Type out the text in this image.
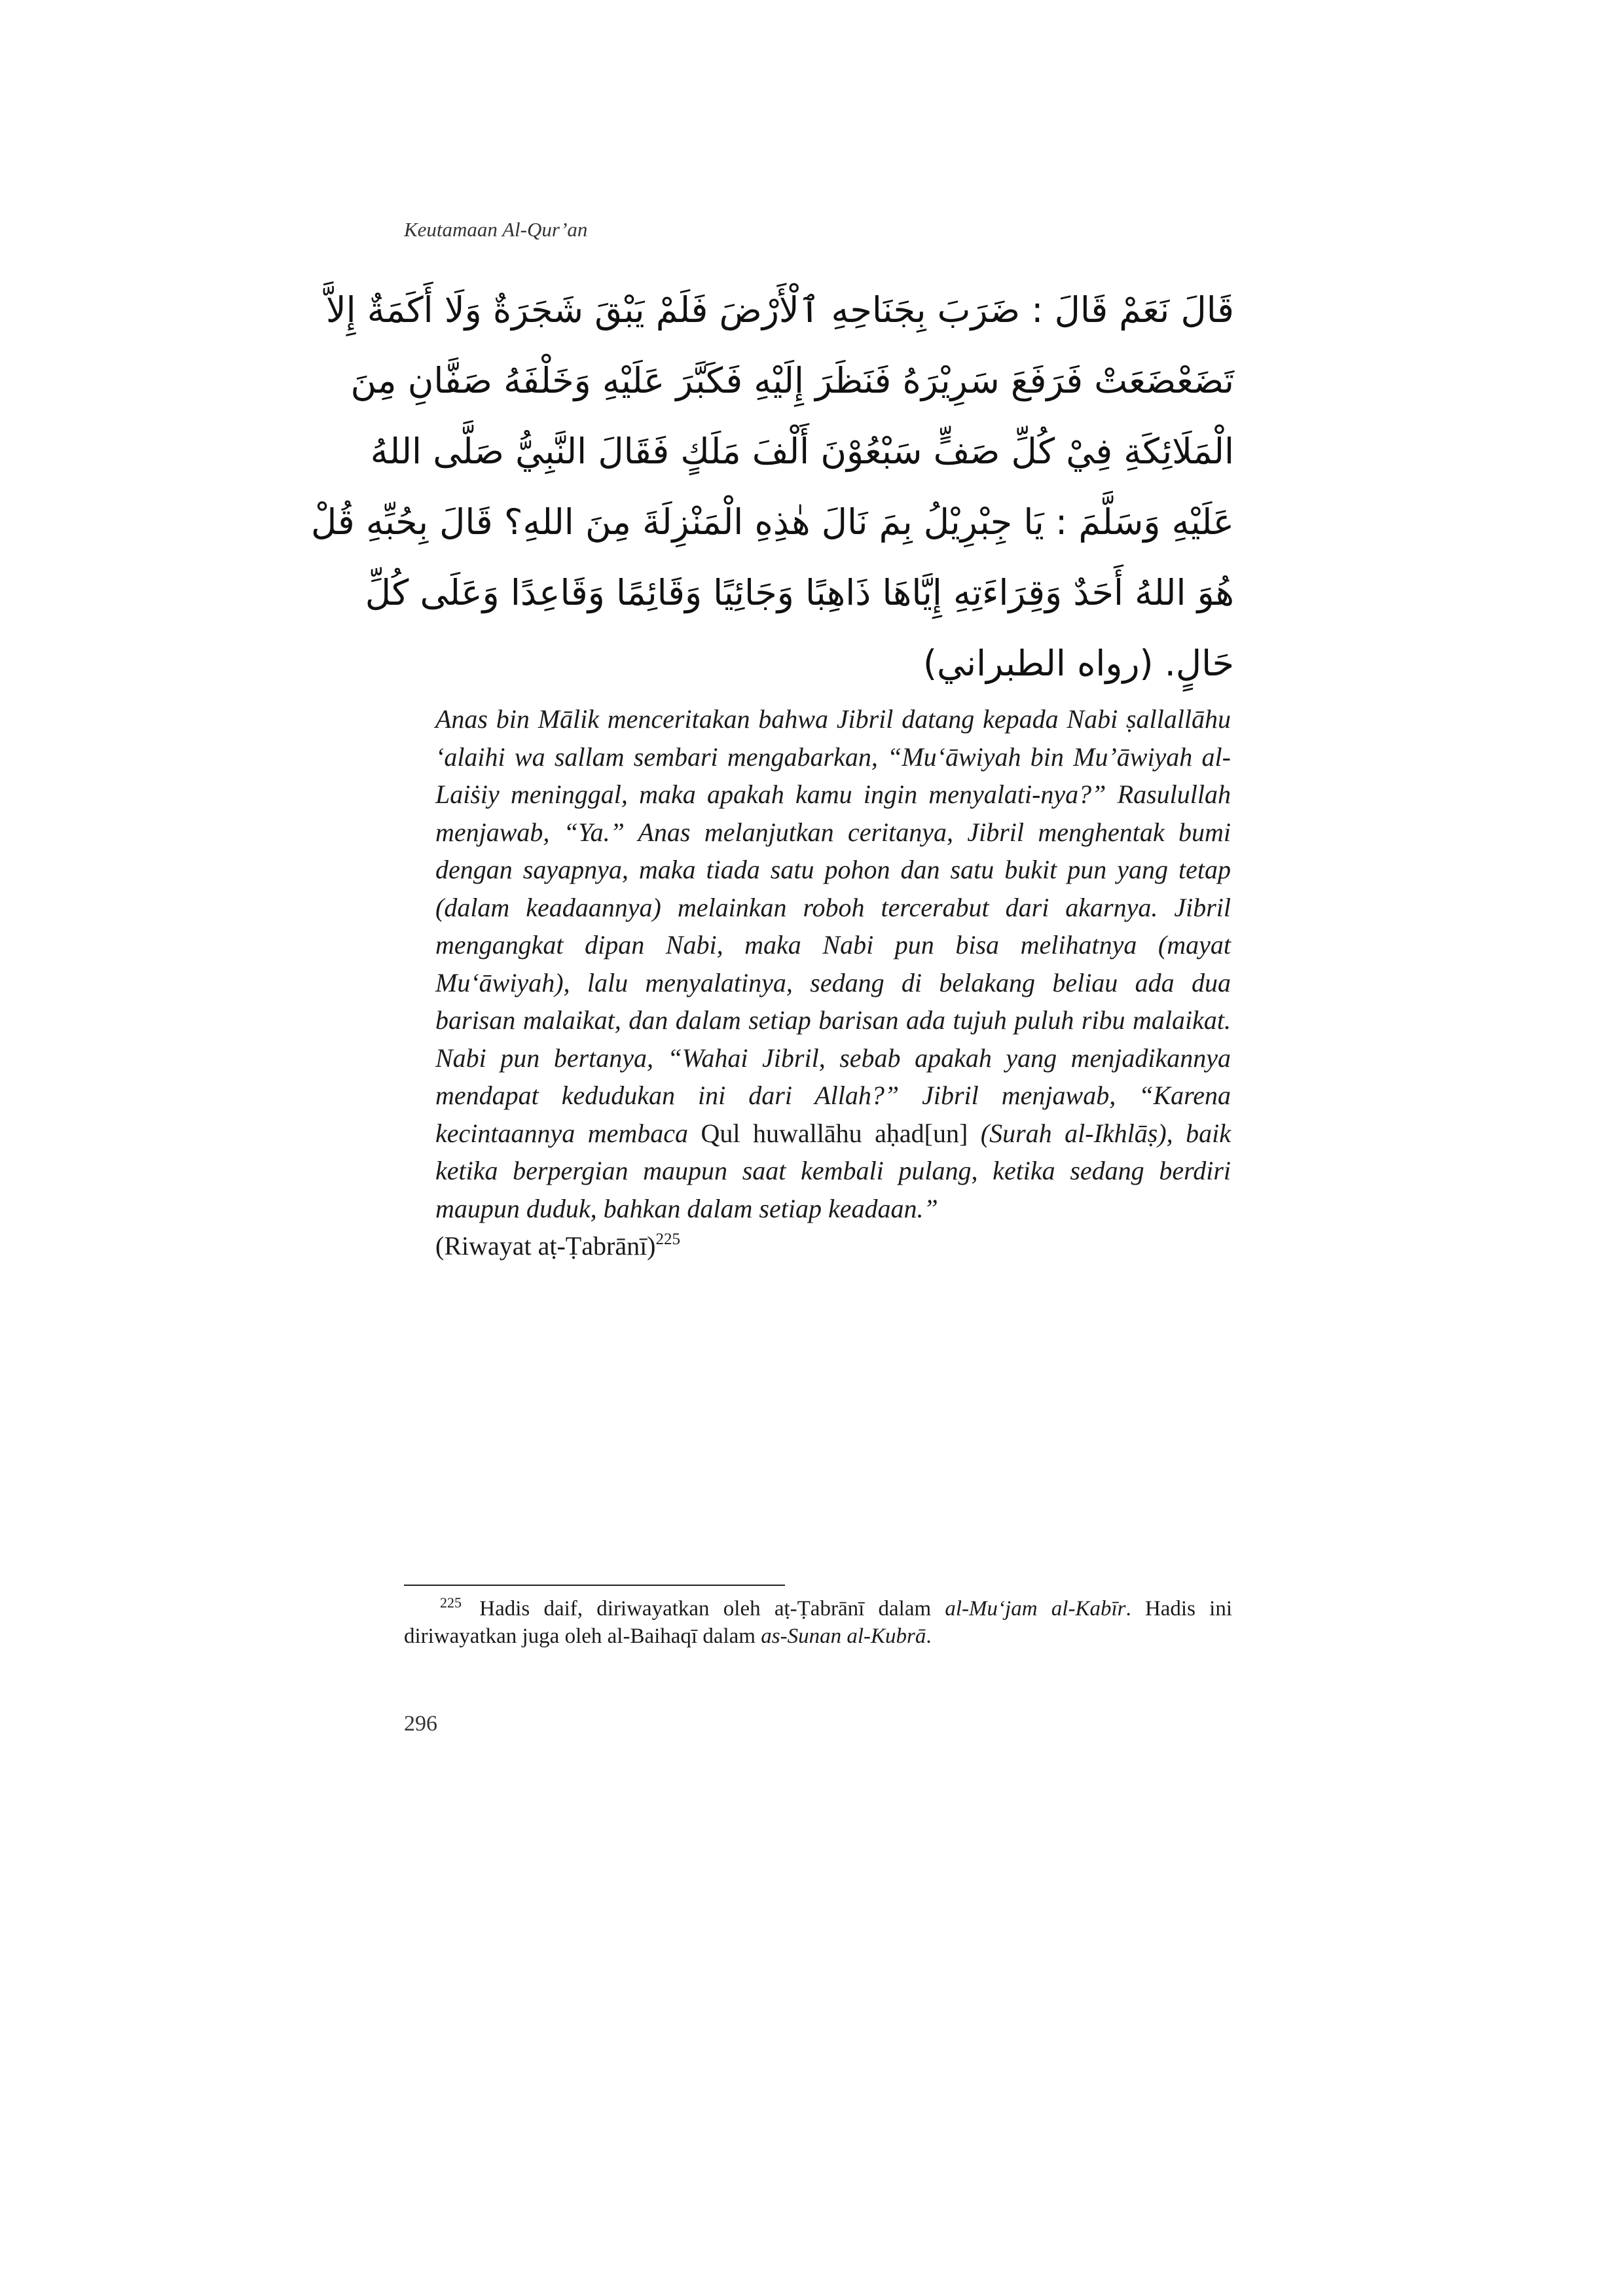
Keutamaan Al-Qur’an
قَالَ نَعَمْ قَالَ : ضَرَبَ بِجَنَاحِهِ ٱلْأَرْضَ فَلَمْ يَبْقَ شَجَرَةٌ وَلَا أَكَمَةٌ إِلاَّ
تَضَعْضَعَتْ فَرَفَعَ سَرِيْرَهُ فَنَظَرَ إِلَيْهِ فَكَبَّرَ عَلَيْهِ وَخَلْفَهُ صَفَّانِ مِنَ
الْمَلَائِكَةِ فِيْ كُلِّ صَفٍّ سَبْعُوْنَ أَلْفَ مَلَكٍ فَقَالَ النَّبِيُّ صَلَّى اللهُ
عَلَيْهِ وَسَلَّمَ : يَا جِبْرِيْلُ بِمَ نَالَ هٰذِهِ الْمَنْزِلَةَ مِنَ اللهِ؟ قَالَ بِحُبِّهِ قُلْ
هُوَ اللهُ أَحَدٌ وَقِرَاءَتِهِ إِيَّاهَا ذَاهِبًا وَجَائِيًا وَقَائِمًا وَقَاعِدًا وَعَلَى كُلِّ
حَالٍ. (رواه الطبراني)
Anas bin Mālik menceritakan bahwa Jibril datang kepada Nabi ṣallallāhu ‘alaihi wa sallam sembari mengabarkan, “Mu‘āwiyah bin Mu’āwiyah al-Laiṡiy meninggal, maka apakah kamu ingin menyalati-nya?” Rasulullah menjawab, “Ya.” Anas melanjutkan ceritanya, Jibril menghentak bumi dengan sayapnya, maka tiada satu pohon dan satu bukit pun yang tetap (dalam keadaannya) melainkan roboh tercerabut dari akarnya. Jibril mengangkat dipan Nabi, maka Nabi pun bisa melihatnya (mayat Mu‘āwiyah), lalu menyalatinya, sedang di belakang beliau ada dua barisan malaikat, dan dalam setiap barisan ada tujuh puluh ribu malaikat. Nabi pun bertanya, “Wahai Jibril, sebab apakah yang menjadikannya mendapat kedudukan ini dari Allah?” Jibril menjawab, “Karena kecintaannya membaca Qul huwallāhu aḥad[un] (Surah al-Ikhlāṣ), baik ketika berpergian maupun saat kembali pulang, ketika sedang berdiri maupun duduk, bahkan dalam setiap keadaan.”
(Riwayat aṭ-Ṭabrānī)$^{225}$
$^{225}$ Hadis daif, diriwayatkan oleh aṭ-Ṭabrānī dalam al-Mu‘jam al-Kabīr. Hadis ini diriwayatkan juga oleh al-Baihaqī dalam as-Sunan al-Kubrā.
296
